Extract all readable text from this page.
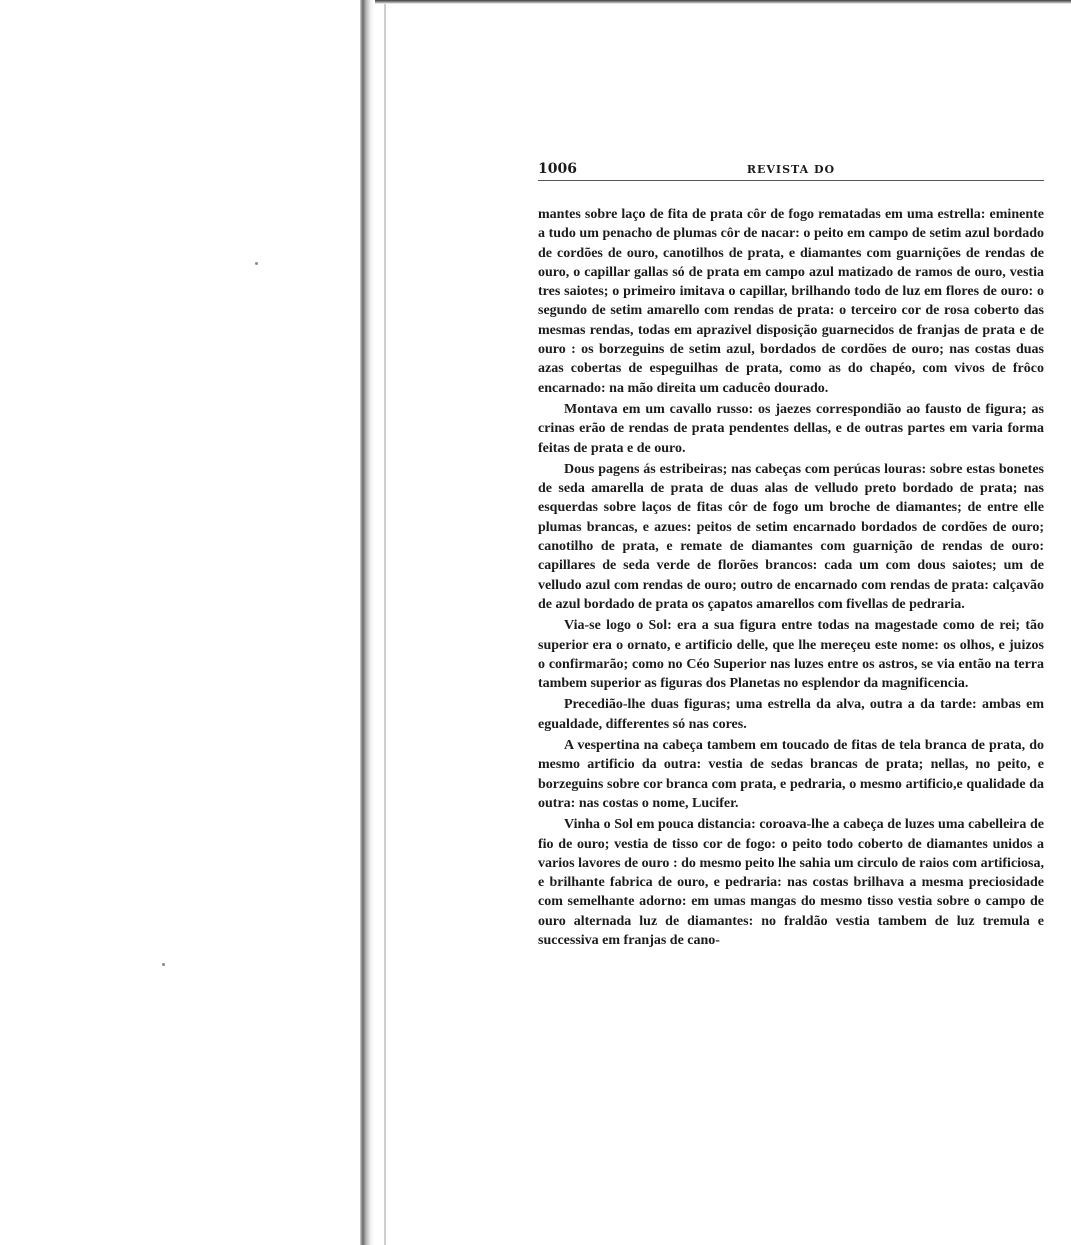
1006	REVISTA DO

mantes sobre laço de fita de prata côr de fogo rematadas em uma estrella: eminente a tudo um penacho de plumas côr de nacar: o peito em campo de setim azul bordado de cordões de ouro, canotilhos de prata, e diamantes com guarnições de rendas de ouro, o capillar gallas só de prata em campo azul matizado de ramos de ouro, vestia tres saiotes; o primeiro imitava o capillar, brilhando todo de luz em flores de ouro: o segundo de setim amarello com rendas de prata: o terceiro cor de rosa coberto das mesmas rendas, todas em aprazivel disposição guarnecidos de franjas de prata e de ouro : os borzeguins de setim azul, bordados de cordões de ouro; nas costas duas azas cobertas de espeguilhas de prata, como as do chapéo, com vivos de frôco encarnado: na mão direita um caducêo dourado.

Montava em um cavallo russo: os jaezes correspondião ao fausto de figura; as crinas erão de rendas de prata pendentes dellas, e de outras partes em varia forma feitas de prata e de ouro.

Dous pagens ás estribeiras; nas cabeças com perúcas louras: sobre estas bonetes de seda amarella de prata de duas alas de velludo preto bordado de prata; nas esquerdas sobre laços de fitas côr de fogo um broche de diamantes; de entre elle plumas brancas, e azues: peitos de setim encarnado bordados de cordões de ouro; canotilho de prata, e remate de diamantes com guarnição de rendas de ouro: capillares de seda verde de florões brancos: cada um com dous saiotes; um de velludo azul com rendas de ouro; outro de encarnado com rendas de prata: calçavão de azul bordado de prata os çapatos amarellos com fivellas de pedraria.

Via-se logo o Sol: era a sua figura entre todas na magestade como de rei; tão superior era o ornato, e artificio delle, que lhe mereçeu este nome: os olhos, e juizos o confirmarão; como no Céo Superior nas luzes entre os astros, se via então na terra tambem superior as figuras dos Planetas no esplendor da magnificencia.

Precedião-lhe duas figuras; uma estrella da alva, outra a da tarde: ambas em egualdade, differentes só nas cores.

A vespertina na cabeça tambem em toucado de fitas de tela branca de prata, do mesmo artificio da outra: vestia de sedas brancas de prata; nellas, no peito, e borzeguins sobre cor branca com prata, e pedraria, o mesmo artificio,e qualidade da outra: nas costas o nome, Lucifer.

Vinha o Sol em pouca distancia: coroava-lhe a cabeça de luzes uma cabelleira de fio de ouro; vestia de tisso cor de fogo: o peito todo coberto de diamantes unidos a varios lavores de ouro : do mesmo peito lhe sahia um circulo de raios com artificiosa, e brilhante fabrica de ouro, e pedraria: nas costas brilhava a mesma preciosidade com semelhante adorno: em umas mangas do mesmo tisso vestia sobre o campo de ouro alternada luz de diamantes: no fraldão vestia tambem de luz tremula e successiva em franjas de cano-
